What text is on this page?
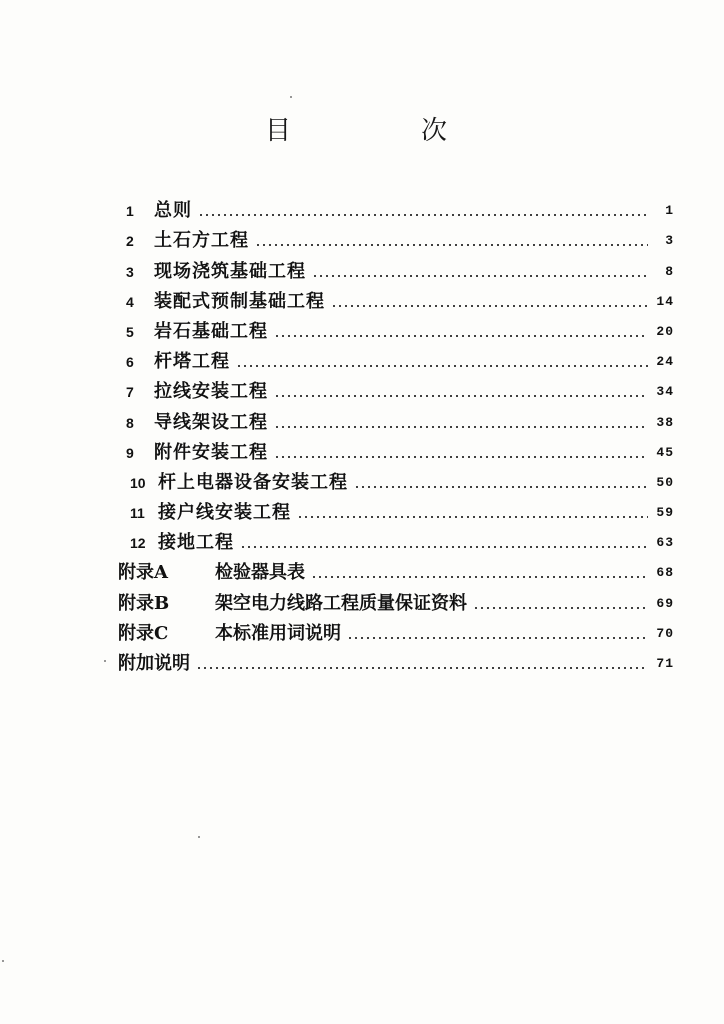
目　次
1	总则	1
2	土石方工程	3
3	现场浇筑基础工程	8
4	装配式预制基础工程	14
5	岩石基础工程	20
6	杆塔工程	24
7	拉线安装工程	34
8	导线架设工程	38
9	附件安装工程	45
10 杆上电器设备安装工程	50
11 接户线安装工程	59
12 接地工程	63
附录A	检验器具表	68
附录B	架空电力线路工程质量保证资料	69
附录C	本标准用词说明	70
附加说明	71
